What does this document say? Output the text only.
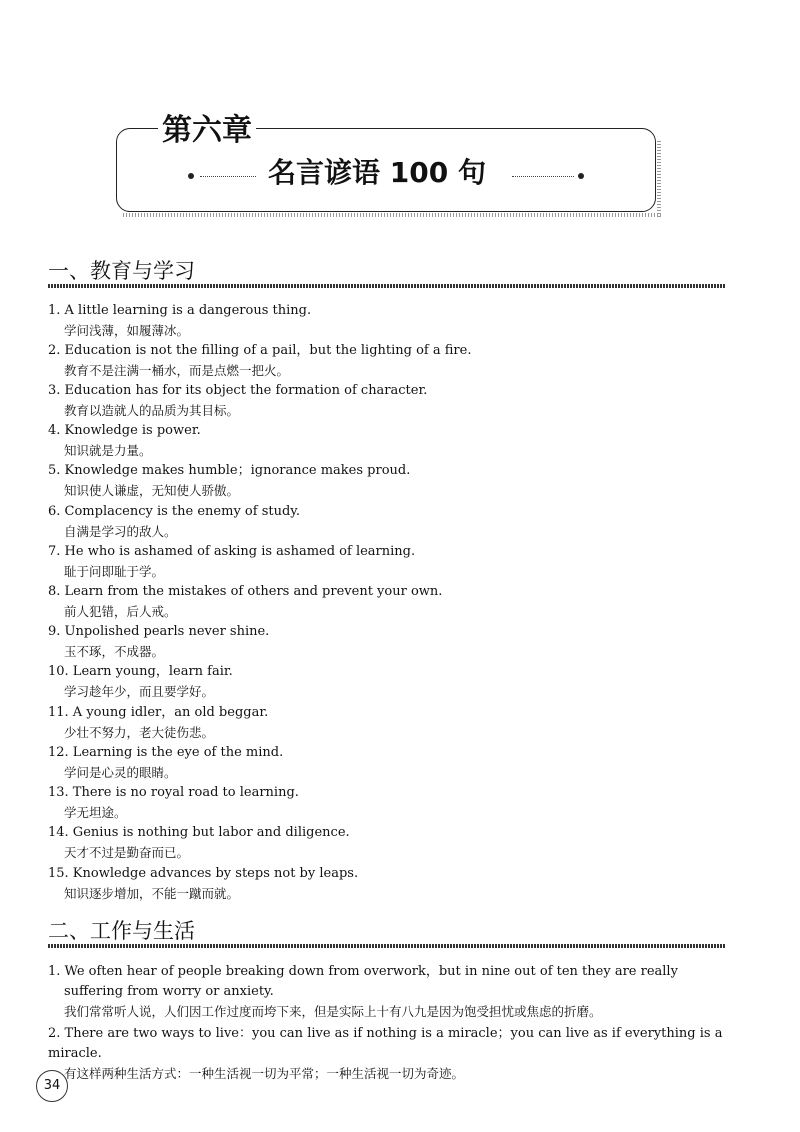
第六章
名言谚语 100 句
一、教育与学习
1. A little learning is a dangerous thing.
学问浅薄，如履薄冰。
2. Education is not the filling of a pail，but the lighting of a fire.
教育不是注满一桶水，而是点燃一把火。
3. Education has for its object the formation of character.
教育以造就人的品质为其目标。
4. Knowledge is power.
知识就是力量。
5. Knowledge makes humble；ignorance makes proud.
知识使人谦虚，无知使人骄傲。
6. Complacency is the enemy of study.
自满是学习的敌人。
7. He who is ashamed of asking is ashamed of learning.
耻于问即耻于学。
8. Learn from the mistakes of others and prevent your own.
前人犯错，后人戒。
9. Unpolished pearls never shine.
玉不琢，不成器。
10. Learn young，learn fair.
学习趁年少，而且要学好。
11. A young idler，an old beggar.
少壮不努力，老大徒伤悲。
12. Learning is the eye of the mind.
学问是心灵的眼睛。
13. There is no royal road to learning.
学无坦途。
14. Genius is nothing but labor and diligence.
天才不过是勤奋而已。
15. Knowledge advances by steps not by leaps.
知识逐步增加，不能一蹴而就。
二、工作与生活
1. We often hear of people breaking down from overwork，but in nine out of ten they are really suffering from worry or anxiety.
我们常常听人说，人们因工作过度而垮下来，但是实际上十有八九是因为饱受担忧或焦虑的折磨。
2. There are two ways to live：you can live as if nothing is a miracle；you can live as if everything is a miracle.
有这样两种生活方式：一种生活视一切为平常；一种生活视一切为奇迹。
34
